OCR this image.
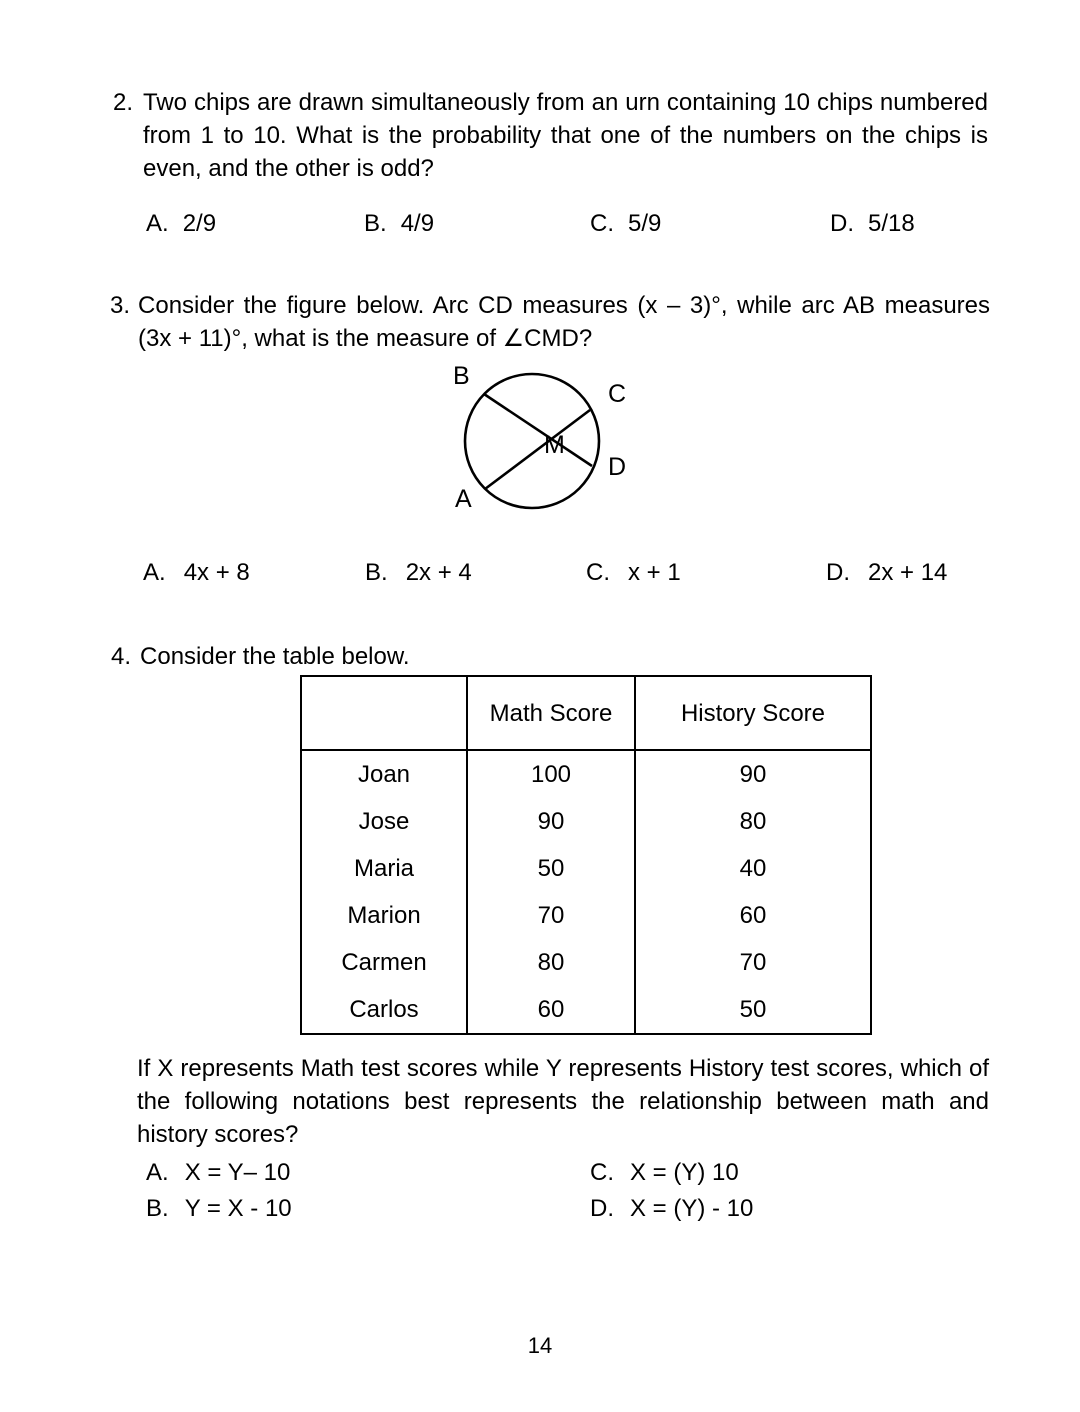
2. Two chips are drawn simultaneously from an urn containing 10 chips numbered from 1 to 10. What is the probability that one of the numbers on the chips is even, and the other is odd?
A. 2/9	B. 4/9	C. 5/9	D. 5/18
3. Consider the figure below. Arc CD measures (x – 3)°, while arc AB measures (3x + 11)°, what is the measure of ∠CMD?
B
C
D
A
M
A. 4x + 8	B. 2x + 4	C. x + 1	D. 2x + 14
4. Consider the table below.
	Math Score	History Score
Joan	100	90
Jose	90	80
Maria	50	40
Marion	70	60
Carmen	80	70
Carlos	60	50
If X represents Math test scores while Y represents History test scores, which of the following notations best represents the relationship between math and history scores?
A. X = Y– 10	C. X = (Y) 10
B. Y = X - 10	D. X = (Y) - 10
14
